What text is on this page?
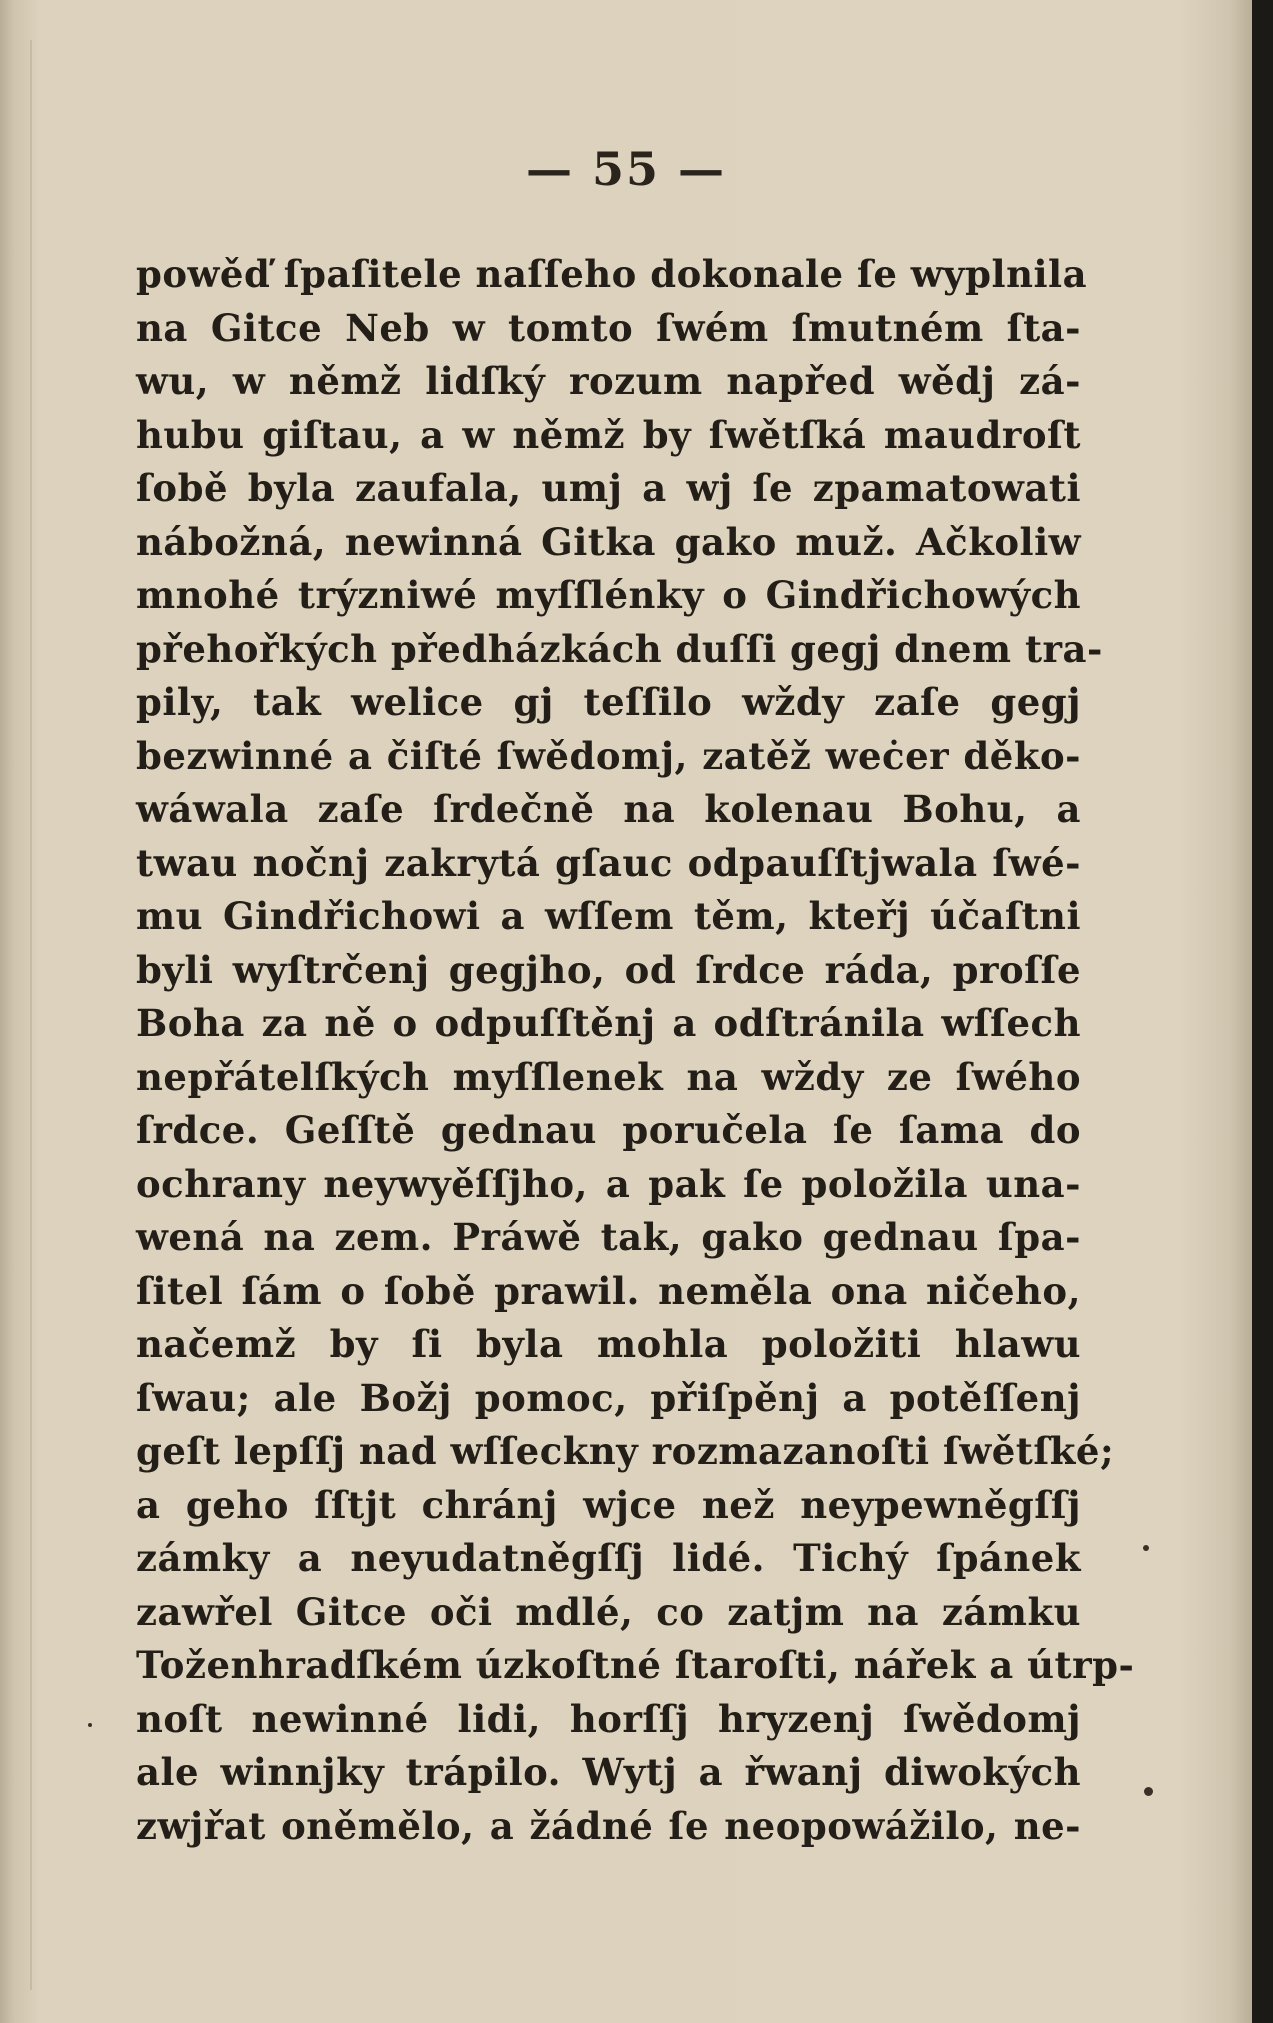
— 55 —
powěď ſpaſitele naſſeho dokonale ſe wyplnila
na Gitce Neb w tomto ſwém ſmutném ſta-
wu, w němž lidſký rozum napřed wědj zá-
hubu giſtau, a w němž by ſwětſká maudroſt
ſobě byla zaufala, umj a wj ſe zpamatowati
nábožná, newinná Gitka gako muž. Ačkoliw
mnohé trýzniwé myſſlénky o Gindřichowých
přehořkých předházkách duſſi gegj dnem tra-
pily, tak welice gj teſſilo wždy zaſe gegj
bezwinné a čiſté ſwědomj, zatěž weċer děko-
wáwala zaſe ſrdečně na kolenau Bohu, a
twau nočnj zakrytá gſauc odpauſſtjwala ſwé-
mu Gindřichowi a wſſem těm, kteřj účaſtni
byli wyſtrčenj gegjho, od ſrdce ráda, proſſe
Boha za ně o odpuſſtěnj a odſtránila wſſech
nepřátelſkých myſſlenek na wždy ze ſwého
ſrdce. Geſſtě gednau poručela ſe ſama do
ochrany neywyěſſjho, a pak ſe položila una-
wená na zem. Práwě tak, gako gednau ſpa-
ſitel ſám o ſobě prawil. neměla ona ničeho,
načemž by ſi byla mohla položiti hlawu
ſwau; ale Božj pomoc, přiſpěnj a potěſſenj
geſt lepſſj nad wſſeckny rozmazanoſti ſwětſké;
a geho ſſtjt chránj wjce než neypewněgſſj
zámky a neyudatněgſſj lidé. Tichý ſpánek
zawřel Gitce oči mdlé, co zatjm na zámku
Toženhradſkém úzkoſtné ſtaroſti, nářek a útrp-
noſt newinné lidi, horſſj hryzenj ſwědomj
ale winnjky trápilo. Wytj a řwanj diwokých
zwjřat oněmělo, a žádné ſe neopowážilo, ne-
